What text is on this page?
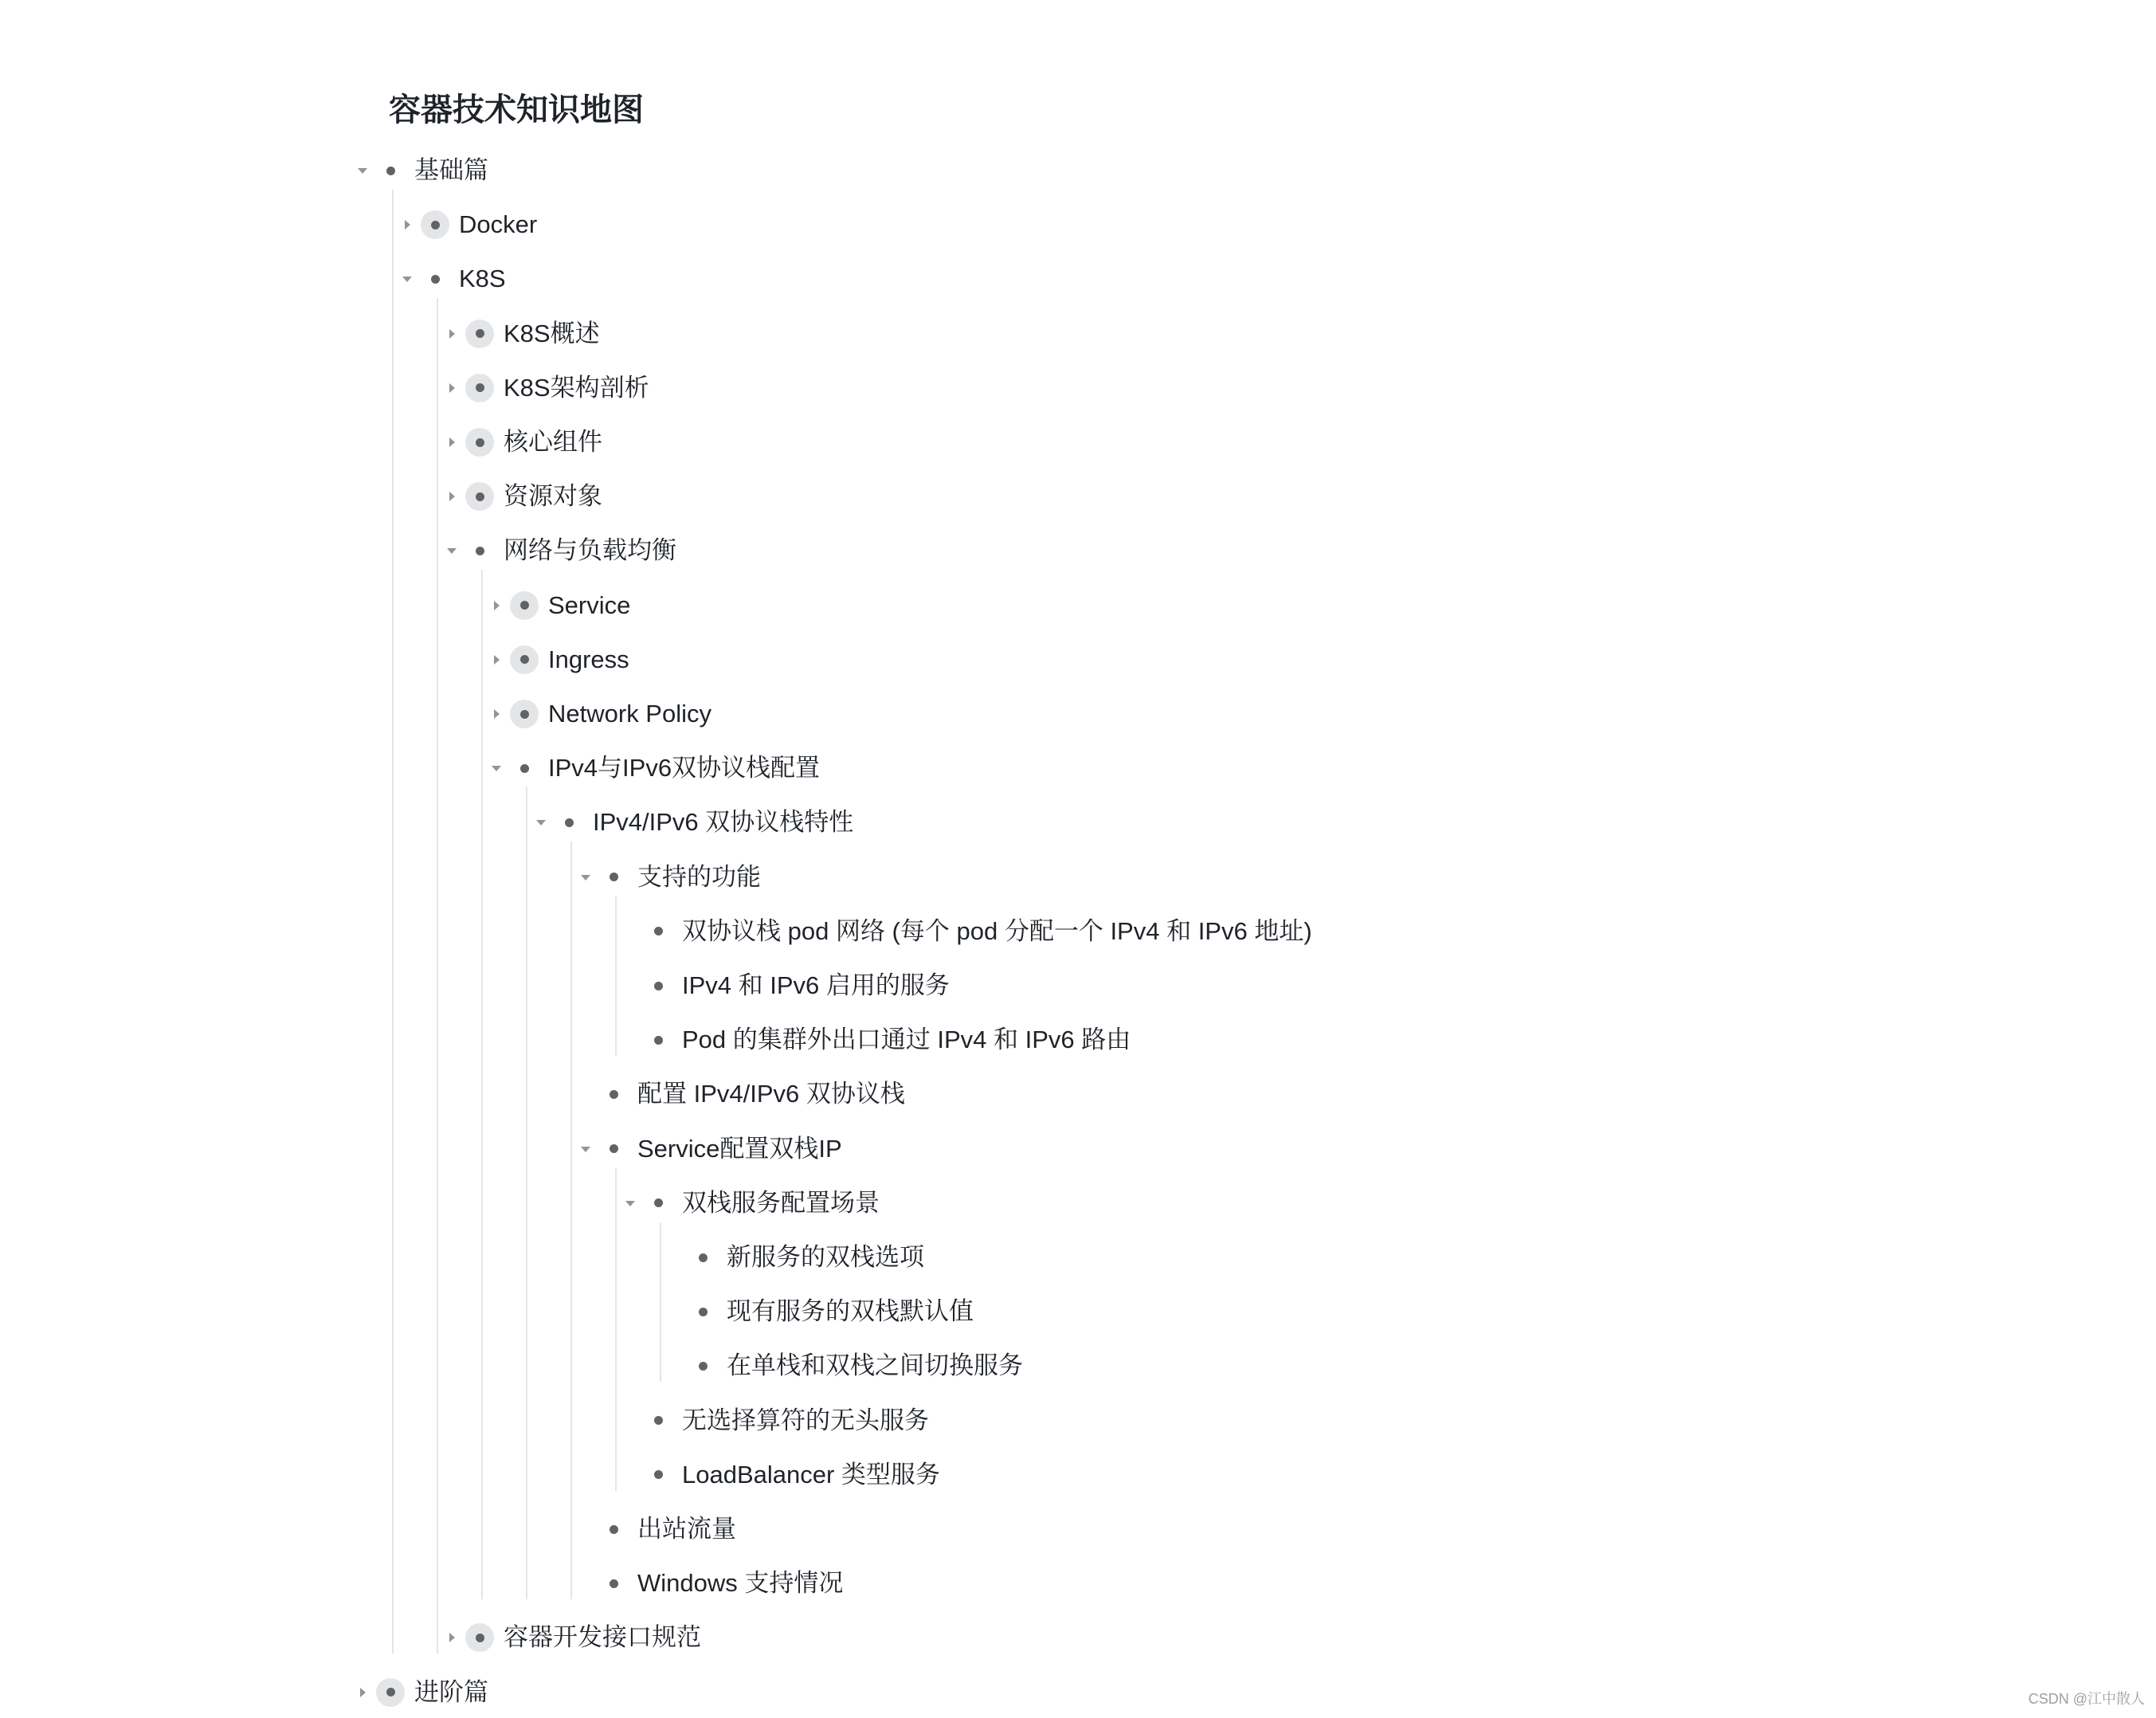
容器技术知识地图
基础篇
Docker
K8S
K8S概述
K8S架构剖析
核心组件
资源对象
网络与负载均衡
Service
Ingress
Network Policy
IPv4与IPv6双协议栈配置
IPv4/IPv6 双协议栈特性
支持的功能
双协议栈 pod 网络 (每个 pod 分配一个 IPv4 和 IPv6 地址)
IPv4 和 IPv6 启用的服务
Pod 的集群外出口通过 IPv4 和 IPv6 路由
配置 IPv4/IPv6 双协议栈
Service配置双栈IP
双栈服务配置场景
新服务的双栈选项
现有服务的双栈默认值
在单栈和双栈之间切换服务
无选择算符的无头服务
LoadBalancer 类型服务
出站流量
Windows 支持情况
容器开发接口规范
进阶篇	CSDN @江中散人
